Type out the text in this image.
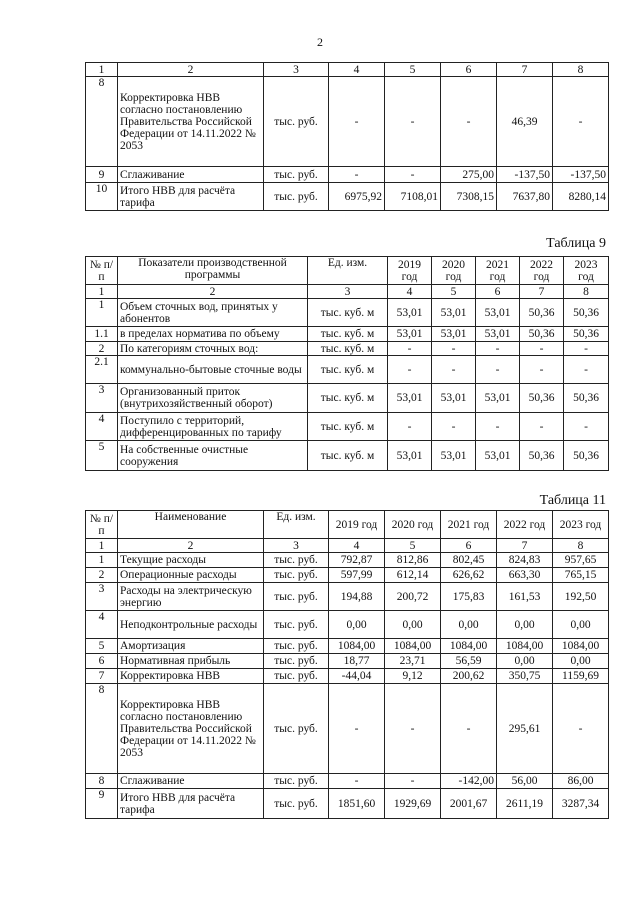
2
1	2	3	4	5	6	7	8
8	Корректировка НВВ согласно постановлению Правительства Российской Федерации от 14.11.2022 № 2053	тыс. руб.	-	-	-	46,39	-
9	Сглаживание	тыс. руб.	-	-	275,00	-137,50	-137,50
10	Итого НВВ для расчёта тарифа	тыс. руб.	6975,92	7108,01	7308,15	7637,80	8280,14
Таблица 9
№ п/п	Показатели производственной программы	Ед. изм.	2019 год	2020 год	2021 год	2022 год	2023 год
1	2	3	4	5	6	7	8
1	Объем сточных вод, принятых у абонентов	тыс. куб. м	53,01	53,01	53,01	50,36	50,36
1.1	в пределах норматива по объему	тыс. куб. м	53,01	53,01	53,01	50,36	50,36
2	По категориям сточных вод:	тыс. куб. м	-	-	-	-	-
2.1	коммунально-бытовые сточные воды	тыс. куб. м	-	-	-	-	-
3	Организованный приток (внутрихозяйственный оборот)	тыс. куб. м	53,01	53,01	53,01	50,36	50,36
4	Поступило с территорий, дифференцированных по тарифу	тыс. куб. м	-	-	-	-	-
5	На собственные очистные сооружения	тыс. куб. м	53,01	53,01	53,01	50,36	50,36
Таблица 11
№ п/п	Наименование	Ед. изм.	2019 год	2020 год	2021 год	2022 год	2023 год
1	2	3	4	5	6	7	8
1	Текущие расходы	тыс. руб.	792,87	812,86	802,45	824,83	957,65
2	Операционные расходы	тыс. руб.	597,99	612,14	626,62	663,30	765,15
3	Расходы на электрическую энергию	тыс. руб.	194,88	200,72	175,83	161,53	192,50
4	Неподконтрольные расходы	тыс. руб.	0,00	0,00	0,00	0,00	0,00
5	Амортизация	тыс. руб.	1084,00	1084,00	1084,00	1084,00	1084,00
6	Нормативная прибыль	тыс. руб.	18,77	23,71	56,59	0,00	0,00
7	Корректировка НВВ	тыс. руб.	-44,04	9,12	200,62	350,75	1159,69
8	Корректировка НВВ согласно постановлению Правительства Российской Федерации от 14.11.2022 № 2053	тыс. руб.	-	-	-	295,61	-
8	Сглаживание	тыс. руб.	-	-	-142,00	56,00	86,00
9	Итого НВВ для расчёта тарифа	тыс. руб.	1851,60	1929,69	2001,67	2611,19	3287,34
